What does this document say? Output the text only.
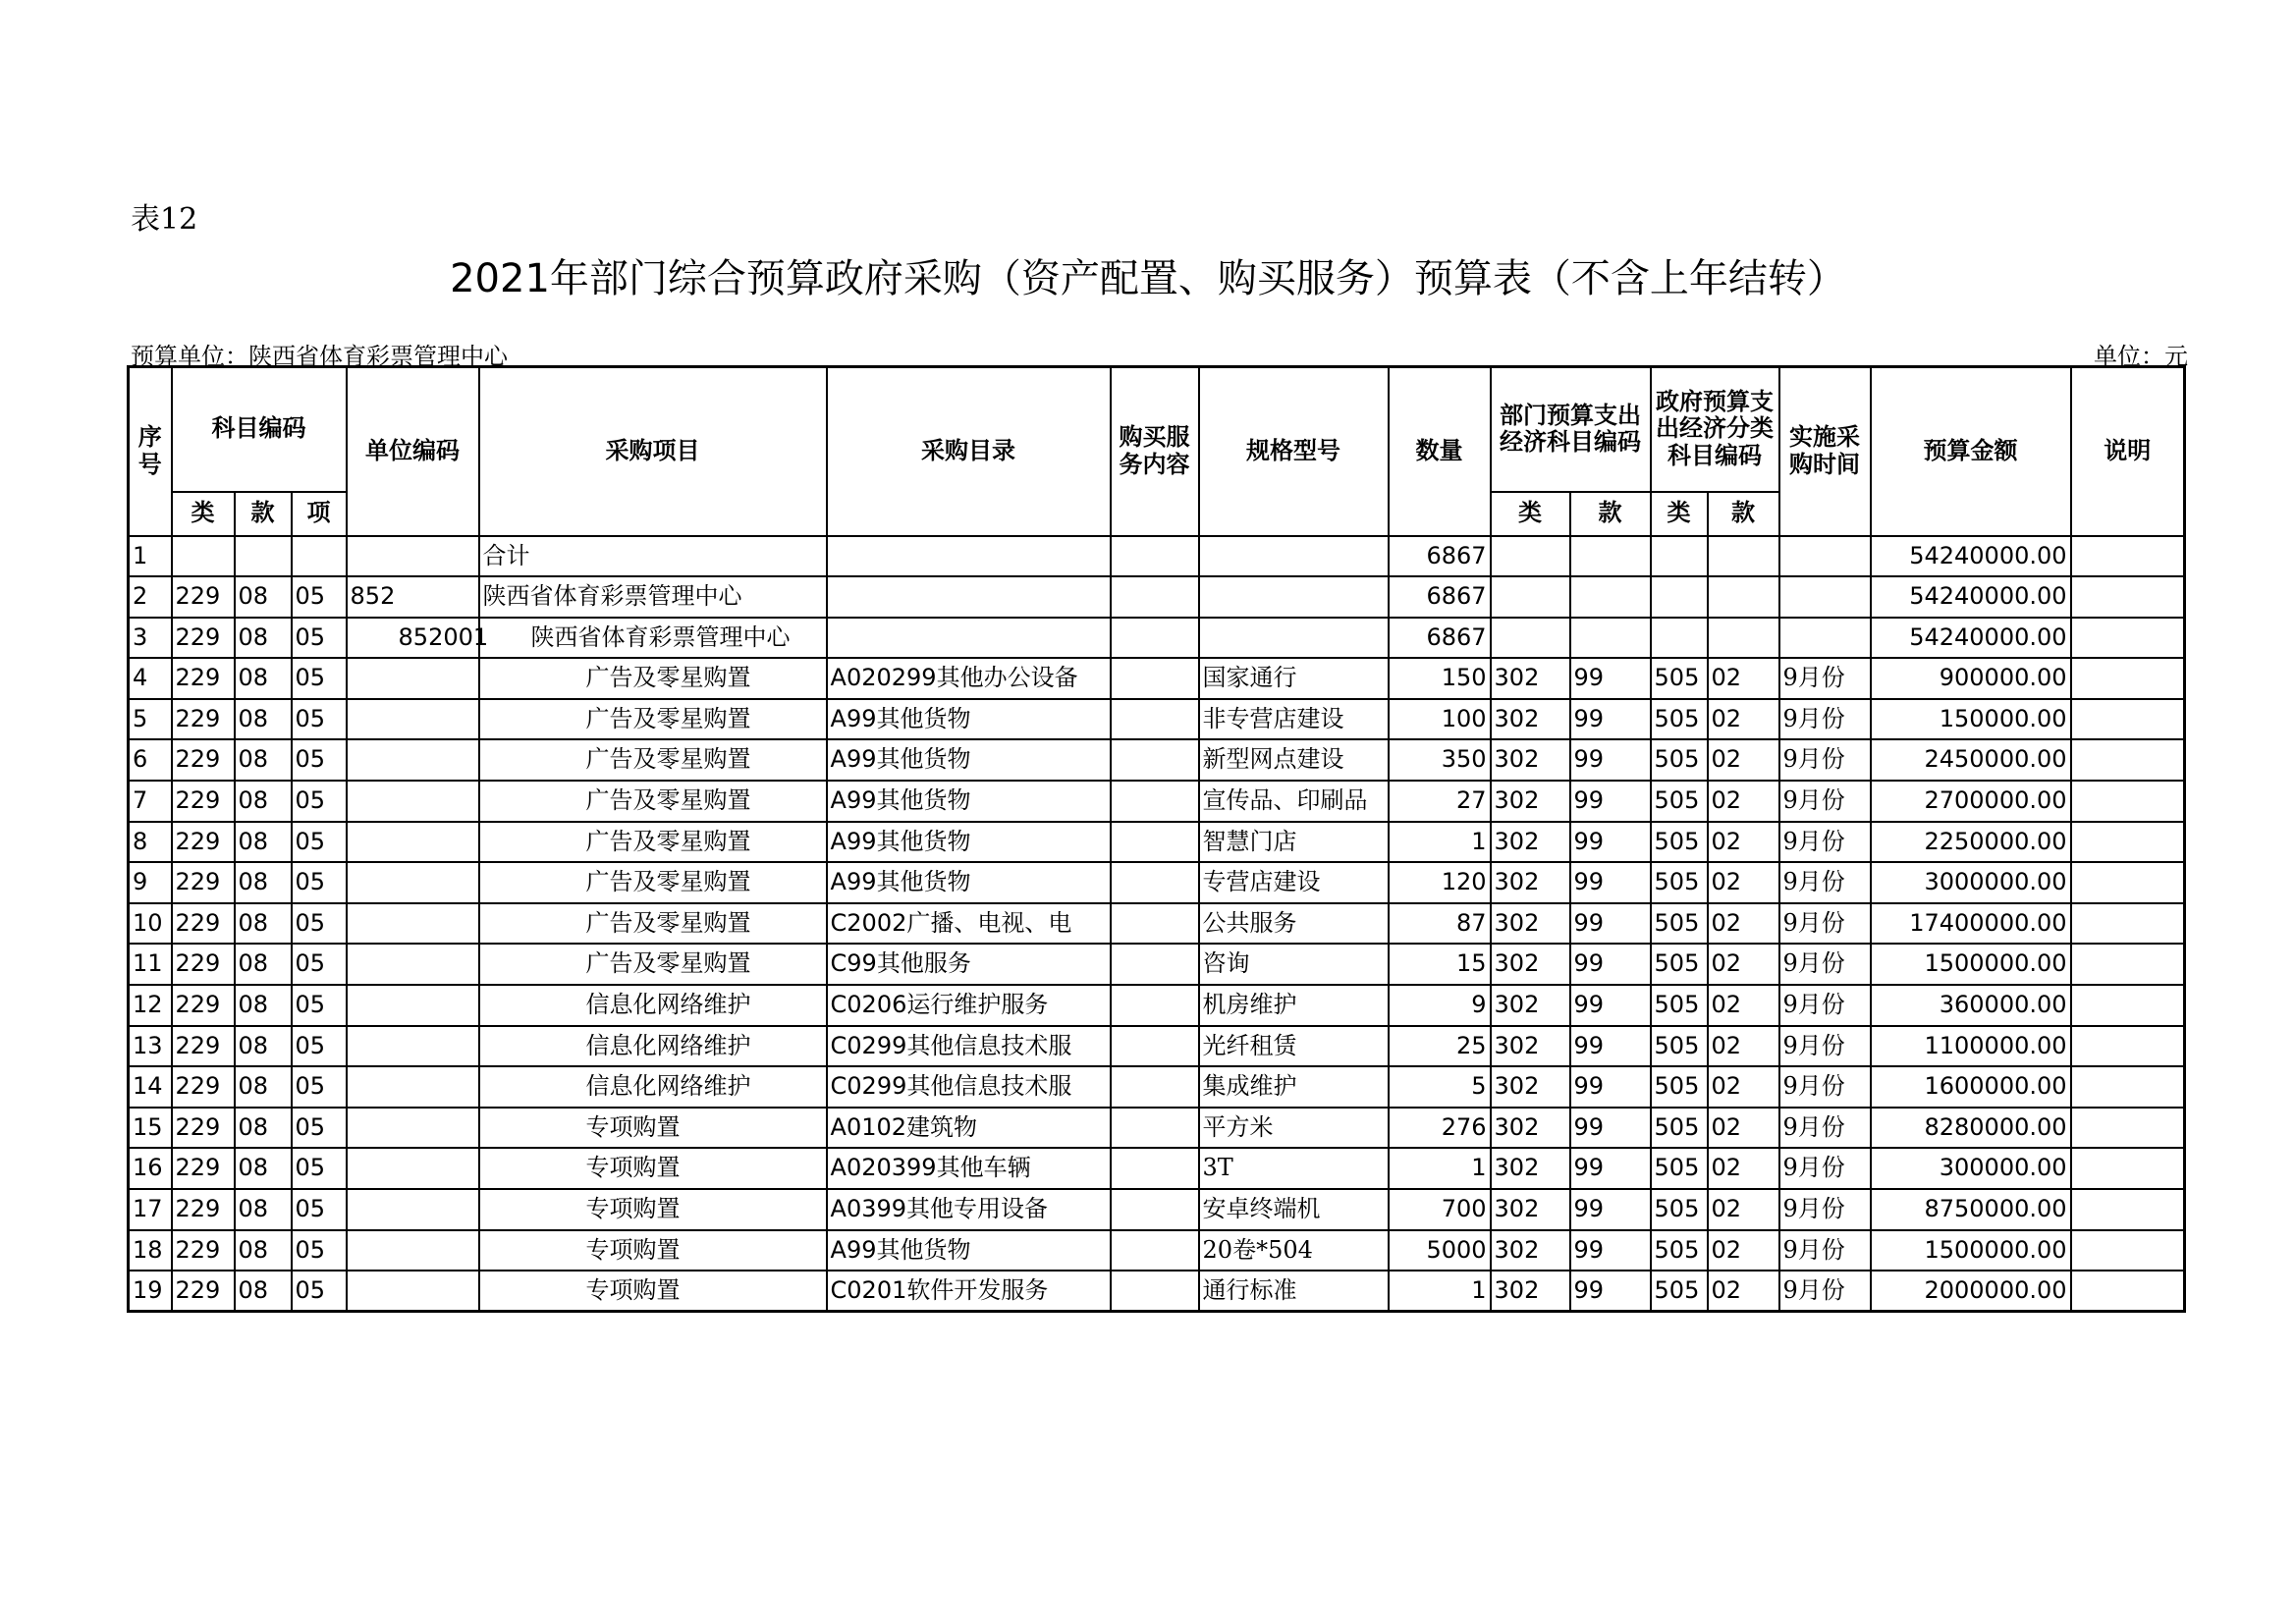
表12
2021年部门综合预算政府采购（资产配置、购买服务）预算表（不含上年结转）
预算单位：陕西省体育彩票管理中心	单位：元
序号	科目编码			单位编码	采购项目	采购目录	购买服务内容	规格型号	数量	部门预算支出经济科目编码		政府预算支出经济分类科目编码		实施采购时间	预算金额	说明
	类	款	项							类	款	类	款			
1					合计				6867						54240000.00	
2	229	08	05	852	陕西省体育彩票管理中心				6867						54240000.00	
3	229	08	05	852001	陕西省体育彩票管理中心				6867						54240000.00	
4	229	08	05		广告及零星购置	A020299其他办公设备		国家通行	150	302	99	505	02	9月份	900000.00	
5	229	08	05		广告及零星购置	A99其他货物		非专营店建设	100	302	99	505	02	9月份	150000.00	
6	229	08	05		广告及零星购置	A99其他货物		新型网点建设	350	302	99	505	02	9月份	2450000.00	
7	229	08	05		广告及零星购置	A99其他货物		宣传品、印刷品	27	302	99	505	02	9月份	2700000.00	
8	229	08	05		广告及零星购置	A99其他货物		智慧门店	1	302	99	505	02	9月份	2250000.00	
9	229	08	05		广告及零星购置	A99其他货物		专营店建设	120	302	99	505	02	9月份	3000000.00	
10	229	08	05		广告及零星购置	C2002广播、电视、电		公共服务	87	302	99	505	02	9月份	17400000.00	
11	229	08	05		广告及零星购置	C99其他服务		咨询	15	302	99	505	02	9月份	1500000.00	
12	229	08	05		信息化网络维护	C0206运行维护服务		机房维护	9	302	99	505	02	9月份	360000.00	
13	229	08	05		信息化网络维护	C0299其他信息技术服		光纤租赁	25	302	99	505	02	9月份	1100000.00	
14	229	08	05		信息化网络维护	C0299其他信息技术服		集成维护	5	302	99	505	02	9月份	1600000.00	
15	229	08	05		专项购置	A0102建筑物		平方米	276	302	99	505	02	9月份	8280000.00	
16	229	08	05		专项购置	A020399其他车辆		3T	1	302	99	505	02	9月份	300000.00	
17	229	08	05		专项购置	A0399其他专用设备		安卓终端机	700	302	99	505	02	9月份	8750000.00	
18	229	08	05		专项购置	A99其他货物		20卷*504	5000	302	99	505	02	9月份	1500000.00	
19	229	08	05		专项购置	C0201软件开发服务		通行标准	1	302	99	505	02	9月份	2000000.00	
